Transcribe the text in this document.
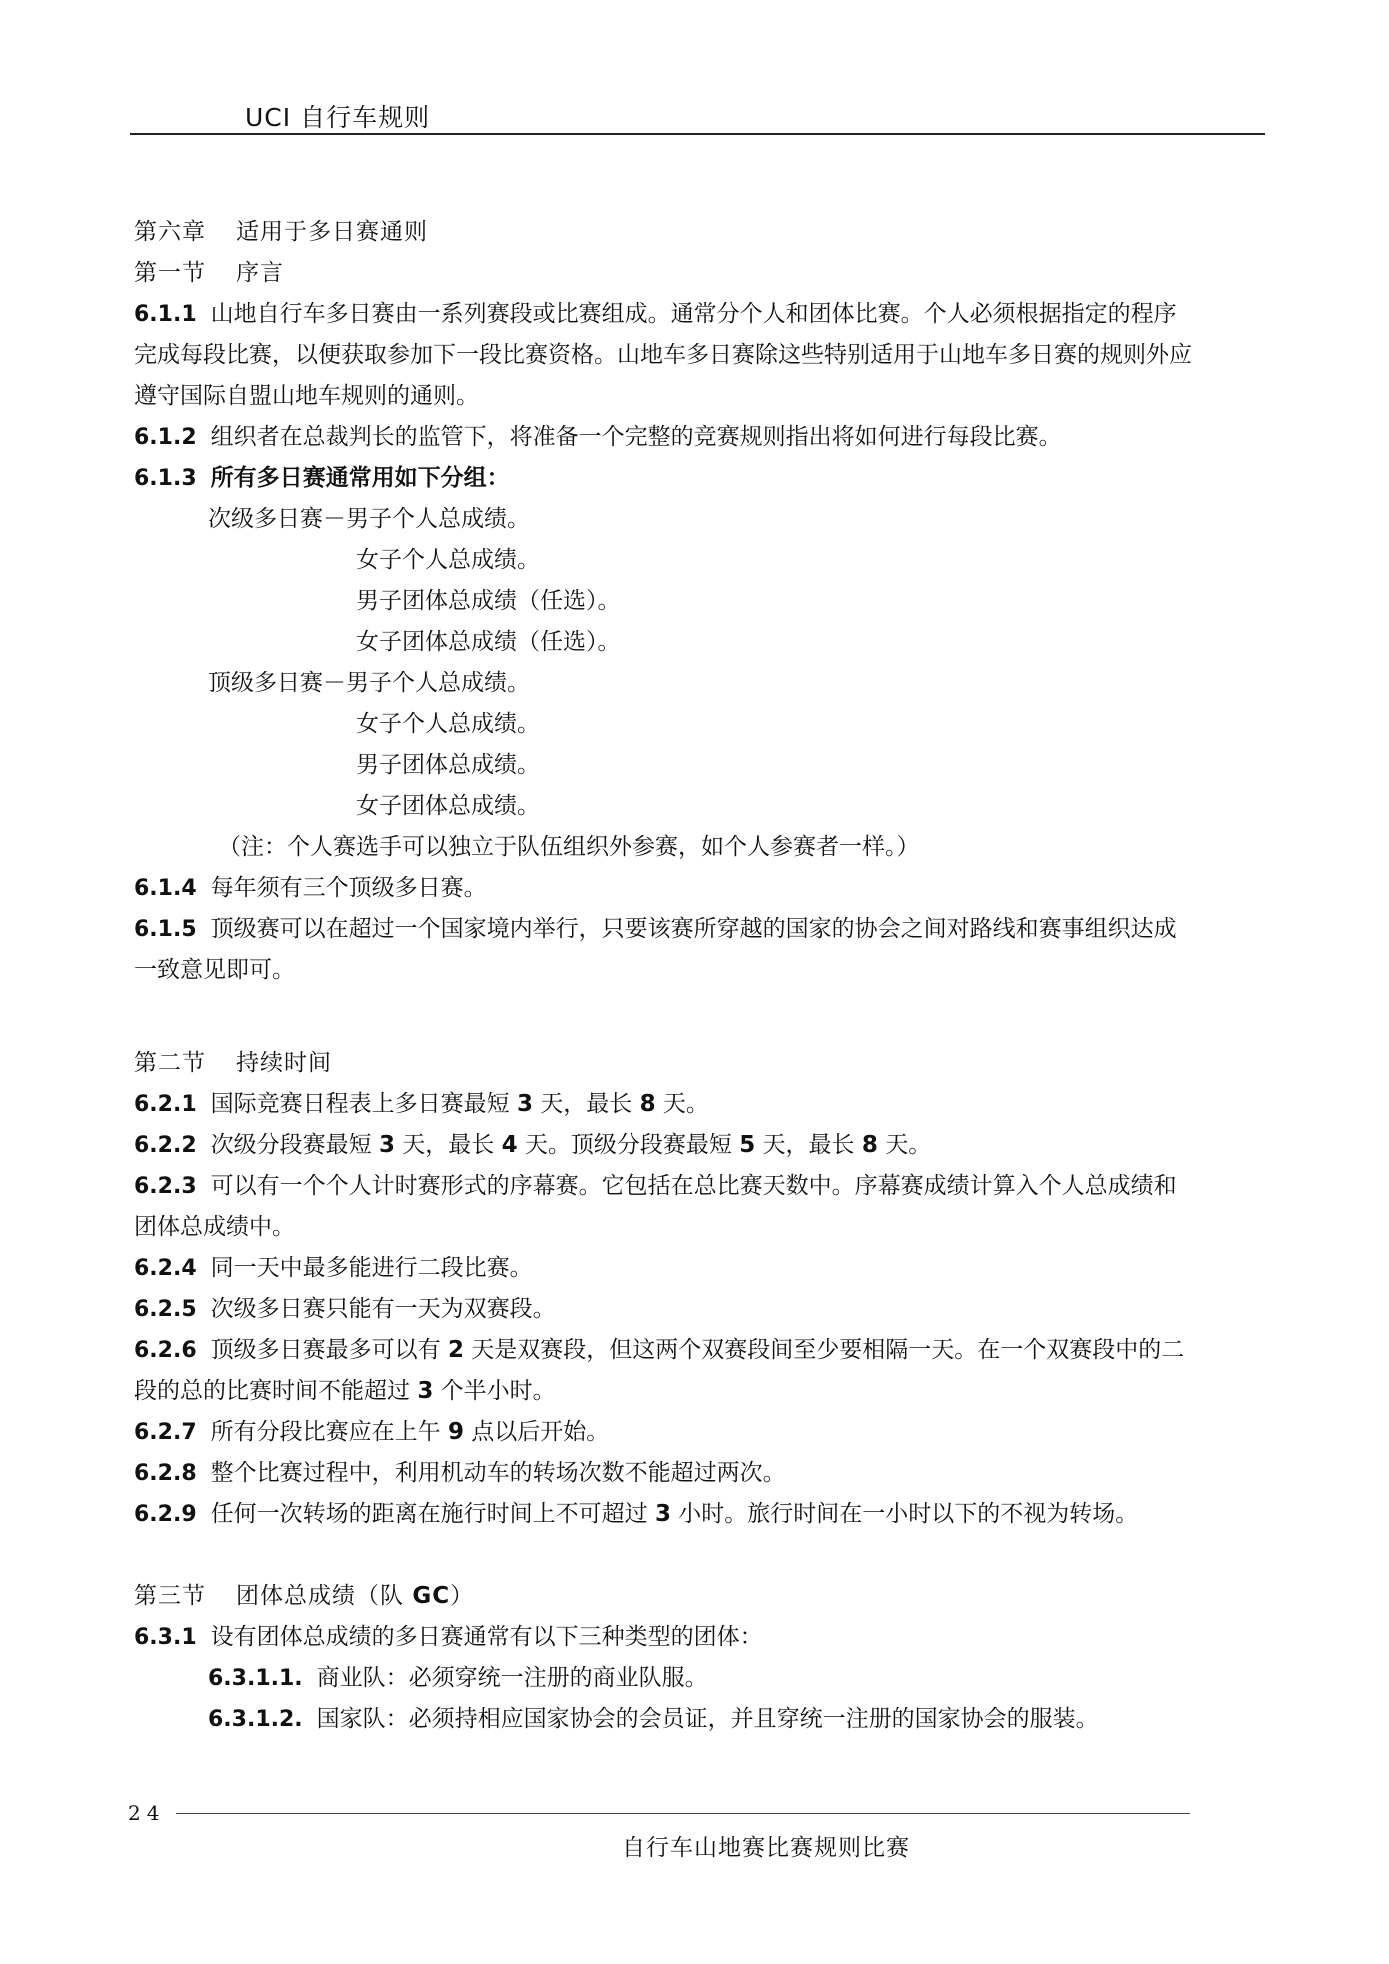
UCI 自行车规则
第六章 适用于多日赛通则
第一节 序言
6.1.1 山地自行车多日赛由一系列赛段或比赛组成。通常分个人和团体比赛。个人必须根据指定的程序
完成每段比赛，以便获取参加下一段比赛资格。山地车多日赛除这些特别适用于山地车多日赛的规则外应
遵守国际自盟山地车规则的通则。
6.1.2 组织者在总裁判长的监管下，将准备一个完整的竞赛规则指出将如何进行每段比赛。
6.1.3 所有多日赛通常用如下分组：
次级多日赛－男子个人总成绩。
女子个人总成绩。
男子团体总成绩（任选）。
女子团体总成绩（任选）。
顶级多日赛－男子个人总成绩。
女子个人总成绩。
男子团体总成绩。
女子团体总成绩。
（注：个人赛选手可以独立于队伍组织外参赛，如个人参赛者一样。）
6.1.4 每年须有三个顶级多日赛。
6.1.5 顶级赛可以在超过一个国家境内举行，只要该赛所穿越的国家的协会之间对路线和赛事组织达成
一致意见即可。
第二节 持续时间
6.2.1 国际竞赛日程表上多日赛最短 3 天，最长 8 天。
6.2.2 次级分段赛最短 3 天，最长 4 天。顶级分段赛最短 5 天，最长 8 天。
6.2.3 可以有一个个人计时赛形式的序幕赛。它包括在总比赛天数中。序幕赛成绩计算入个人总成绩和
团体总成绩中。
6.2.4 同一天中最多能进行二段比赛。
6.2.5 次级多日赛只能有一天为双赛段。
6.2.6 顶级多日赛最多可以有 2 天是双赛段，但这两个双赛段间至少要相隔一天。在一个双赛段中的二
段的总的比赛时间不能超过 3 个半小时。
6.2.7 所有分段比赛应在上午 9 点以后开始。
6.2.8 整个比赛过程中，利用机动车的转场次数不能超过两次。
6.2.9 任何一次转场的距离在施行时间上不可超过 3 小时。旅行时间在一小时以下的不视为转场。
第三节 团体总成绩（队 GC）
6.3.1 设有团体总成绩的多日赛通常有以下三种类型的团体：
6.3.1.1. 商业队：必须穿统一注册的商业队服。
6.3.1.2. 国家队：必须持相应国家协会的会员证，并且穿统一注册的国家协会的服装。
24
自行车山地赛比赛规则比赛
